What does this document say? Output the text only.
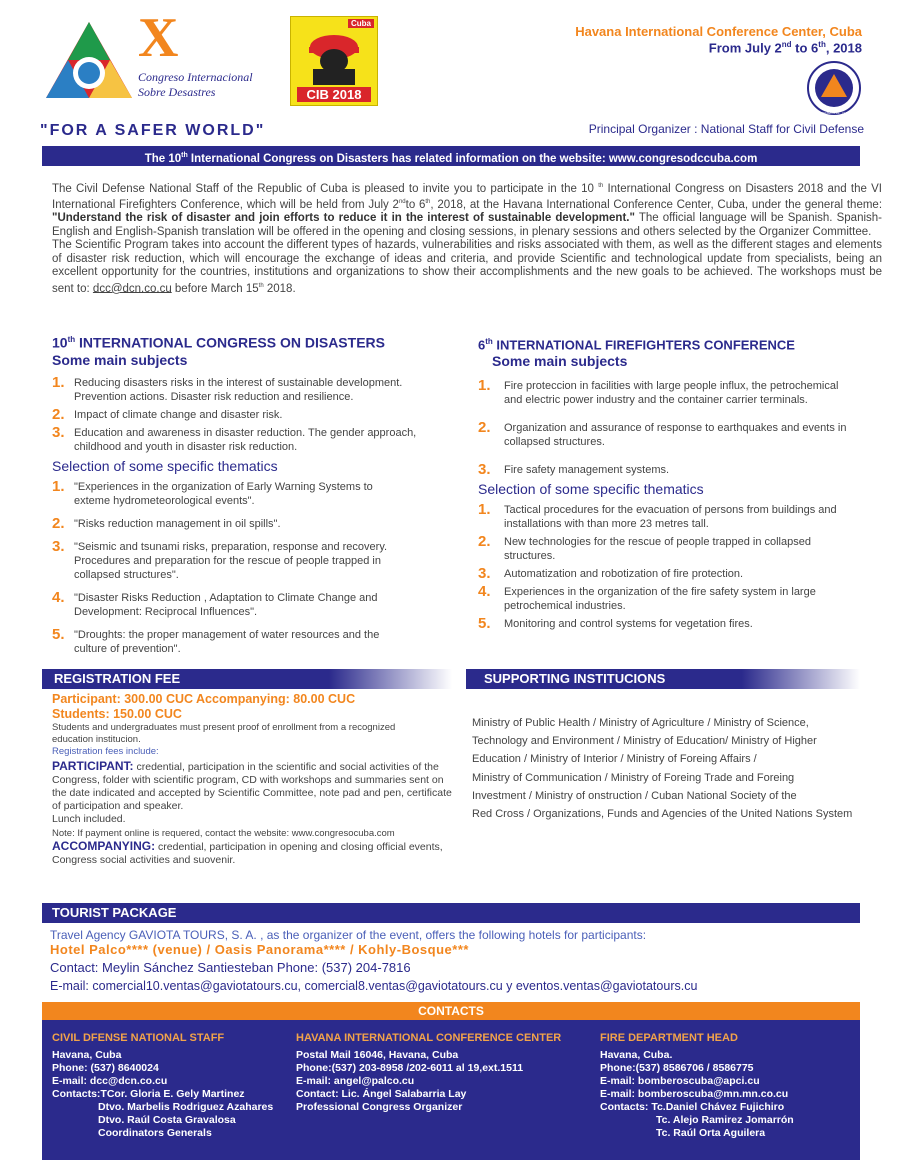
X
Congreso Internacional
Sobre Desastres
Cuba
CIB 2018
Havana International Conference Center, Cuba
From July 2nd to 6th, 2018
DEFENSA CIVIL · CUBA
"FOR A SAFER WORLD"	Principal Organizer : National Staff for Civil Defense
The 10th International Congress on Disasters has related information on the website: www.congresodccuba.com
The Civil Defense National Staff of the Republic of Cuba is pleased to invite you to participate in the 10 $^{th}$ International Congress on Disasters 2018 and the VI International Firefighters Conference, which will be held from July 2ndto 6th, 2018, at the Havana International Conference Center, Cuba, under the general theme: "Understand the risk of disaster and join efforts to reduce it in the interest of sustainable development." The official language will be Spanish. Spanish-English and English-Spanish translation will be offered in the opening and closing sessions, in plenary sessions and others selected by the Organizer Committee.
The Scientific Program takes into account the different types of hazards, vulnerabilities and risks associated with them, as well as the different stages and elements of disaster risk reduction, which will encourage the exchange of ideas and criteria, and provide Scientific and technological update from specialists, being an excellent opportunity for the countries, institutions and organizations to show their accomplishments and the new goals to be achieved. The workshops must be sent to: dcc@dcn.co.cu before March 15th 2018.
10th INTERNATIONAL CONGRESS ON DISASTERS
Some main subjects
1. Reducing disasters risks in the interest of sustainable development. Prevention actions. Disaster risk reduction and resilience.
2. Impact of climate change and disaster risk.
3. Education and awareness in disaster reduction. The gender approach, childhood and youth in disaster risk reduction.
Selection of some specific thematics
1. "Experiences in the organization of Early Warning Systems to exteme hydrometeorological events".
2. "Risks reduction management in oil spills".
3. "Seismic and tsunami risks, preparation, response and recovery. Procedures and preparation for the rescue of people trapped in collapsed structures".
4. "Disaster Risks Reduction , Adaptation to Climate Change and Development: Reciprocal Influences".
5. "Droughts: the proper management of water resources and the culture of prevention".
6th INTERNATIONAL FIREFIGHTERS CONFERENCE
Some main subjects
1.	Fire proteccion in facilities with large people influx, the petrochemical and electric power industry and the container carrier terminals.
2.	Organization and assurance of response to earthquakes and events in collapsed structures.
3.	Fire safety management systems.
Selection of some specific thematics
1.	Tactical procedures for the evacuation of persons from buildings and installations with than more 23 metres tall.
2.	New technologies for the rescue of people trapped in collapsed structures.
3.	Automatization and robotization of fire protection.
4.	Experiences in the organization of the fire safety system in large petrochemical industries.
5.	Monitoring and control systems for vegetation fires.
REGISTRATION FEE	SUPPORTING INSTITUCIONS
Participant: 300.00 CUC Accompanying: 80.00 CUC
Students: 150.00 CUC
Students and undergraduates must present proof of enrollment from a recognized education institucion.
Registration fees include:
PARTICIPANT: credential, participation in the scientific and social activities of the Congress, folder with scientific program, CD with workshops and summaries sent on the date indicated and accepted by Scientific Committee, note pad and pen, certificate of participation and speaker.
Lunch included.
Note: If payment online is requered, contact the website: www.congresocuba.com
ACCOMPANYING: credential, participation in opening and closing official events, Congress social activities and suovenir.
Ministry of Public Health / Ministry of Agriculture / Ministry of Science,
Technology and Environment / Ministry of Education/ Ministry of Higher
Education / Ministry of Interior / Ministry of Foreing Affairs /
Ministry of Communication / Ministry of Foreing Trade and Foreing
Investment / Ministry of onstruction / Cuban National Society of the
Red Cross / Organizations, Funds and Agencies of the United Nations System
TOURIST PACKAGE
Travel Agency GAVIOTA TOURS, S. A. , as the organizer of the event, offers the following hotels for participants:
Hotel Palco**** (venue) / Oasis Panorama**** / Kohly-Bosque***
Contact: Meylin Sánchez Santiesteban Phone: (537) 204-7816
E-mail: comercial10.ventas@gaviotatours.cu, comercial8.ventas@gaviotatours.cu y eventos.ventas@gaviotatours.cu
CONTACTS
CIVIL DFENSE NATIONAL STAFF
Havana, Cuba
Phone: (537) 8640024
E-mail: dcc@dcn.co.cu
Contacts:TCor. Gloria E. Gely Martinez
Dtvo. Marbelis Rodriguez Azahares
Dtvo. Raúl Costa Gravalosa
Coordinators Generals
HAVANA INTERNATIONAL CONFERENCE CENTER
Postal Mail 16046, Havana, Cuba
Phone:(537) 203-8958 /202-6011 al 19,ext.1511
E-mail: angel@palco.cu
Contact: Lic. Ángel Salabarria Lay
Professional Congress Organizer
FIRE DEPARTMENT HEAD
Havana, Cuba.
Phone:(537) 8586706 / 8586775
E-mail: bomberoscuba@apci.cu
E-mail: bomberoscuba@mn.mn.co.cu
Contacts: Tc.Daniel Chávez Fujichiro
Tc. Alejo Ramirez Jomarrón
Tc. Raúl Orta Aguilera
